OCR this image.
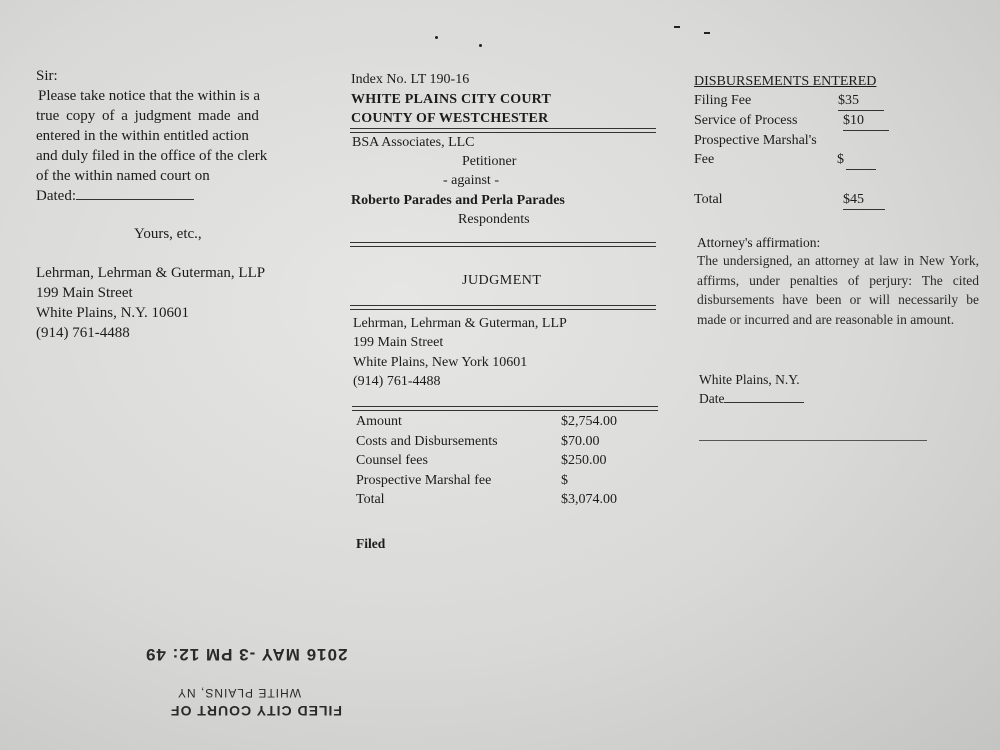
Sir:
Please take notice that the within is a
true copy of a judgment made and
entered in the within entitled action
and duly filed in the office of the clerk
of the within named court on
Dated:
Yours, etc.,
Lehrman, Lehrman & Guterman, LLP
199 Main Street
White Plains, N.Y. 10601
(914) 761-4488
Index No. LT 190-16
WHITE PLAINS CITY COURT
COUNTY OF WESTCHESTER
BSA Associates, LLC
Petitioner
- against -
Roberto Parades and Perla Parades
Respondents
JUDGMENT
Lehrman, Lehrman & Guterman, LLP
199 Main Street
White Plains, New York 10601
(914) 761-4488
Amount	$2,754.00
Costs and Disbursements	$70.00
Counsel fees	$250.00
Prospective Marshal fee	$
Total	$3,074.00
Filed
DISBURSEMENTS ENTERED
Filing Fee	$35
Service of Process	$10
Prospective Marshal's
Fee	$
Total	$45
Attorney's affirmation:
The undersigned, an attorney at law in New York, affirms, under penalties of perjury: The cited disbursements have been or will necessarily be made or incurred and are reasonable in amount.
White Plains, N.Y.
Date
2016 MAY -3 PM 12: 49
FILED CITY COURT OF
WHITE PLAINS, NY
